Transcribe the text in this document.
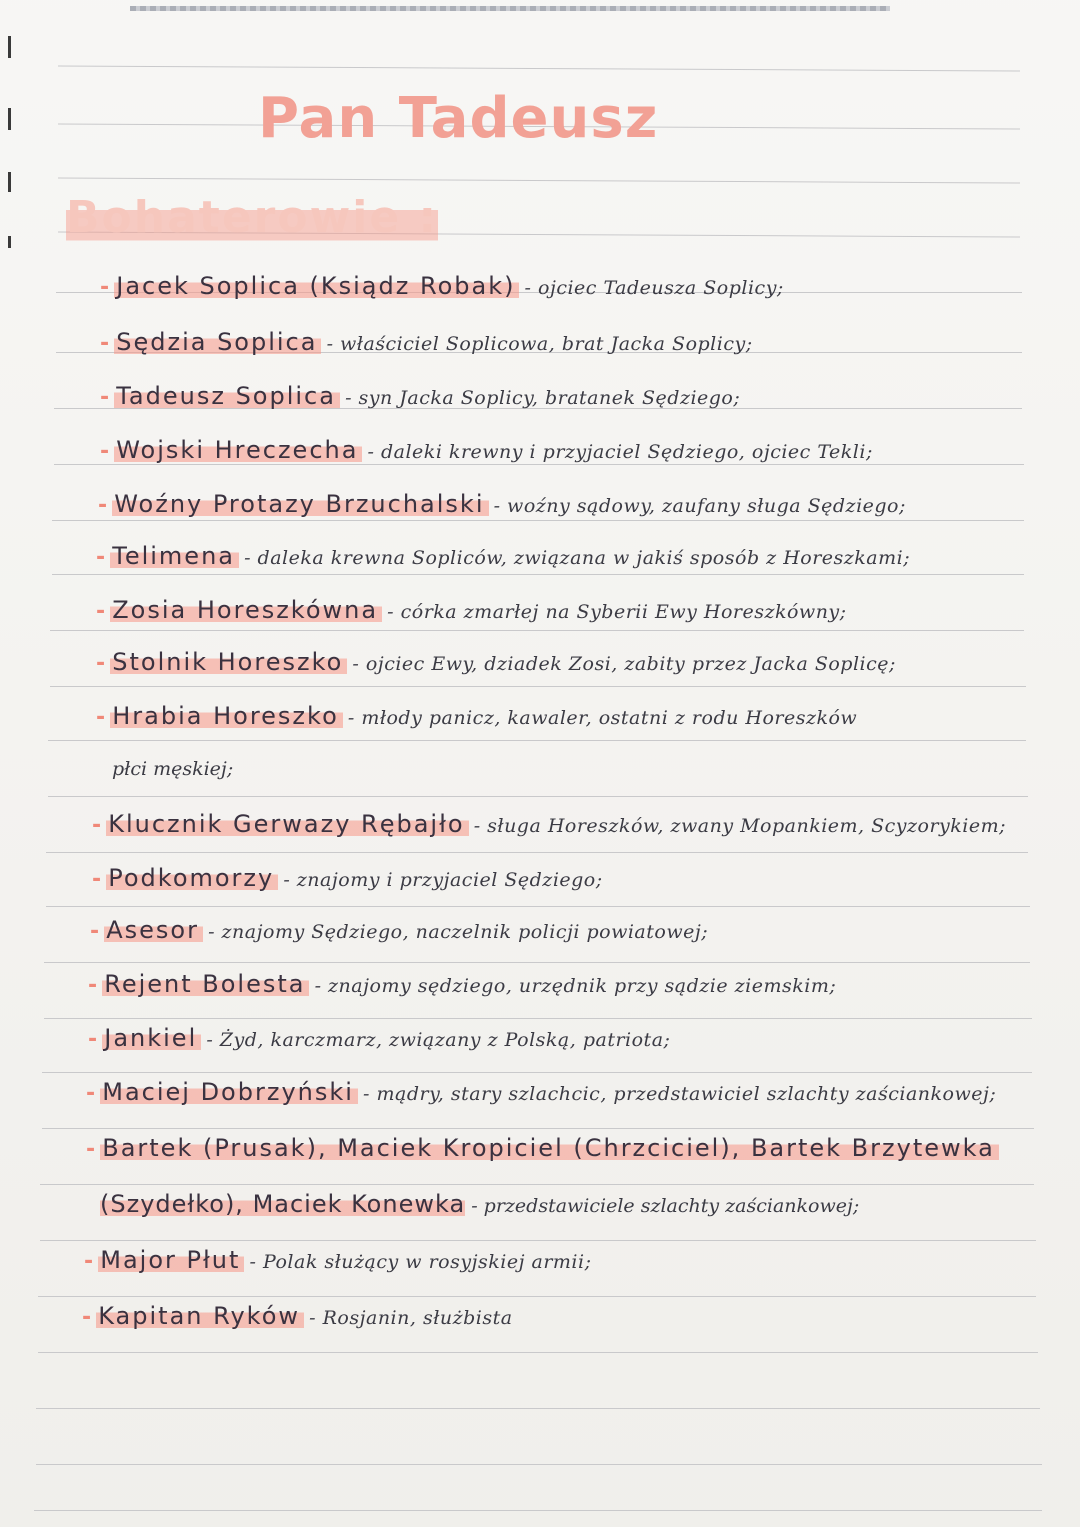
Pan Tadeusz
Bohaterowie :
- Jacek Soplica (Ksiądz Robak) - ojciec Tadeusza Soplicy;
- Sędzia Soplica - właściciel Soplicowa, brat Jacka Soplicy;
- Tadeusz Soplica - syn Jacka Soplicy, bratanek Sędziego;
- Wojski Hreczecha - daleki krewny i przyjaciel Sędziego, ojciec Tekli;
- Woźny Protazy Brzuchalski - woźny sądowy, zaufany sługa Sędziego;
- Telimena - daleka krewna Sopliców, związana w jakiś sposób z Horeszkami;
- Zosia Horeszkówna - córka zmarłej na Syberii Ewy Horeszkówny;
- Stolnik Horeszko - ojciec Ewy, dziadek Zosi, zabity przez Jacka Soplicę;
- Hrabia Horeszko - młody panicz, kawaler, ostatni z rodu Horeszków
płci męskiej;
- Klucznik Gerwazy Rębajło - sługa Horeszków, zwany Mopankiem, Scyzorykiem;
- Podkomorzy - znajomy i przyjaciel Sędziego;
- Asesor - znajomy Sędziego, naczelnik policji powiatowej;
- Rejent Bolesta - znajomy sędziego, urzędnik przy sądzie ziemskim;
- Jankiel - Żyd, karczmarz, związany z Polską, patriota;
- Maciej Dobrzyński - mądry, stary szlachcic, przedstawiciel szlachty zaściankowej;
- Bartek (Prusak), Maciek Kropiciel (Chrzciciel), Bartek Brzytewka
(Szydełko), Maciek Konewka - przedstawiciele szlachty zaściankowej;
- Major Płut - Polak służący w rosyjskiej armii;
- Kapitan Ryków - Rosjanin, służbista
